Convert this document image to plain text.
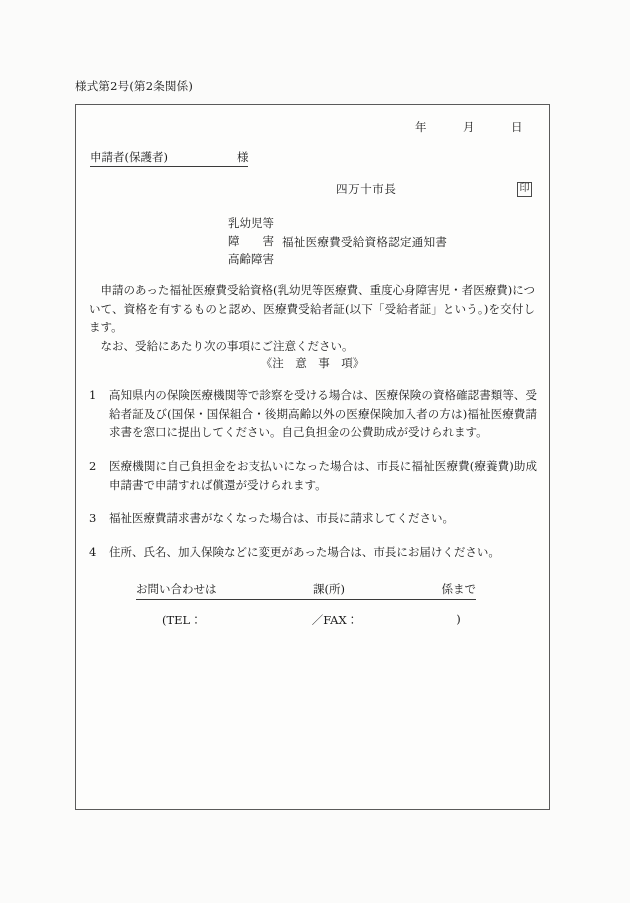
様式第2号(第2条関係)
年　　　月　　　日
申請者(保護者)　　　　　　様
四万十市長	印
乳幼児等
障　　害
高齢障害
福祉医療費受給資格認定通知書

申請のあった福祉医療費受給資格(乳幼児等医療費、重度心身障害児・者医療費)について、資格を有するものと認め、医療費受給者証(以下「受給者証」という。)を交付します。

なお、受給にあたり次の事項にご注意ください。

《注　意　事　項》
1	高知県内の保険医療機関等で診察を受ける場合は、医療保険の資格確認書類等、受給者証及び(国保・国保組合・後期高齢以外の医療保険加入者の方は)福祉医療費請求書を窓口に提出してください。自己負担金の公費助成が受けられます。
2	医療機関に自己負担金をお支払いになった場合は、市長に福祉医療費(療養費)助成申請書で申請すれば償還が受けられます。
3	福祉医療費請求書がなくなった場合は、市長に請求してください。
4	住所、氏名、加入保険などに変更があった場合は、市長にお届けください。
お問い合わせは	課(所)	係まで
(TEL：	／FAX：	)
